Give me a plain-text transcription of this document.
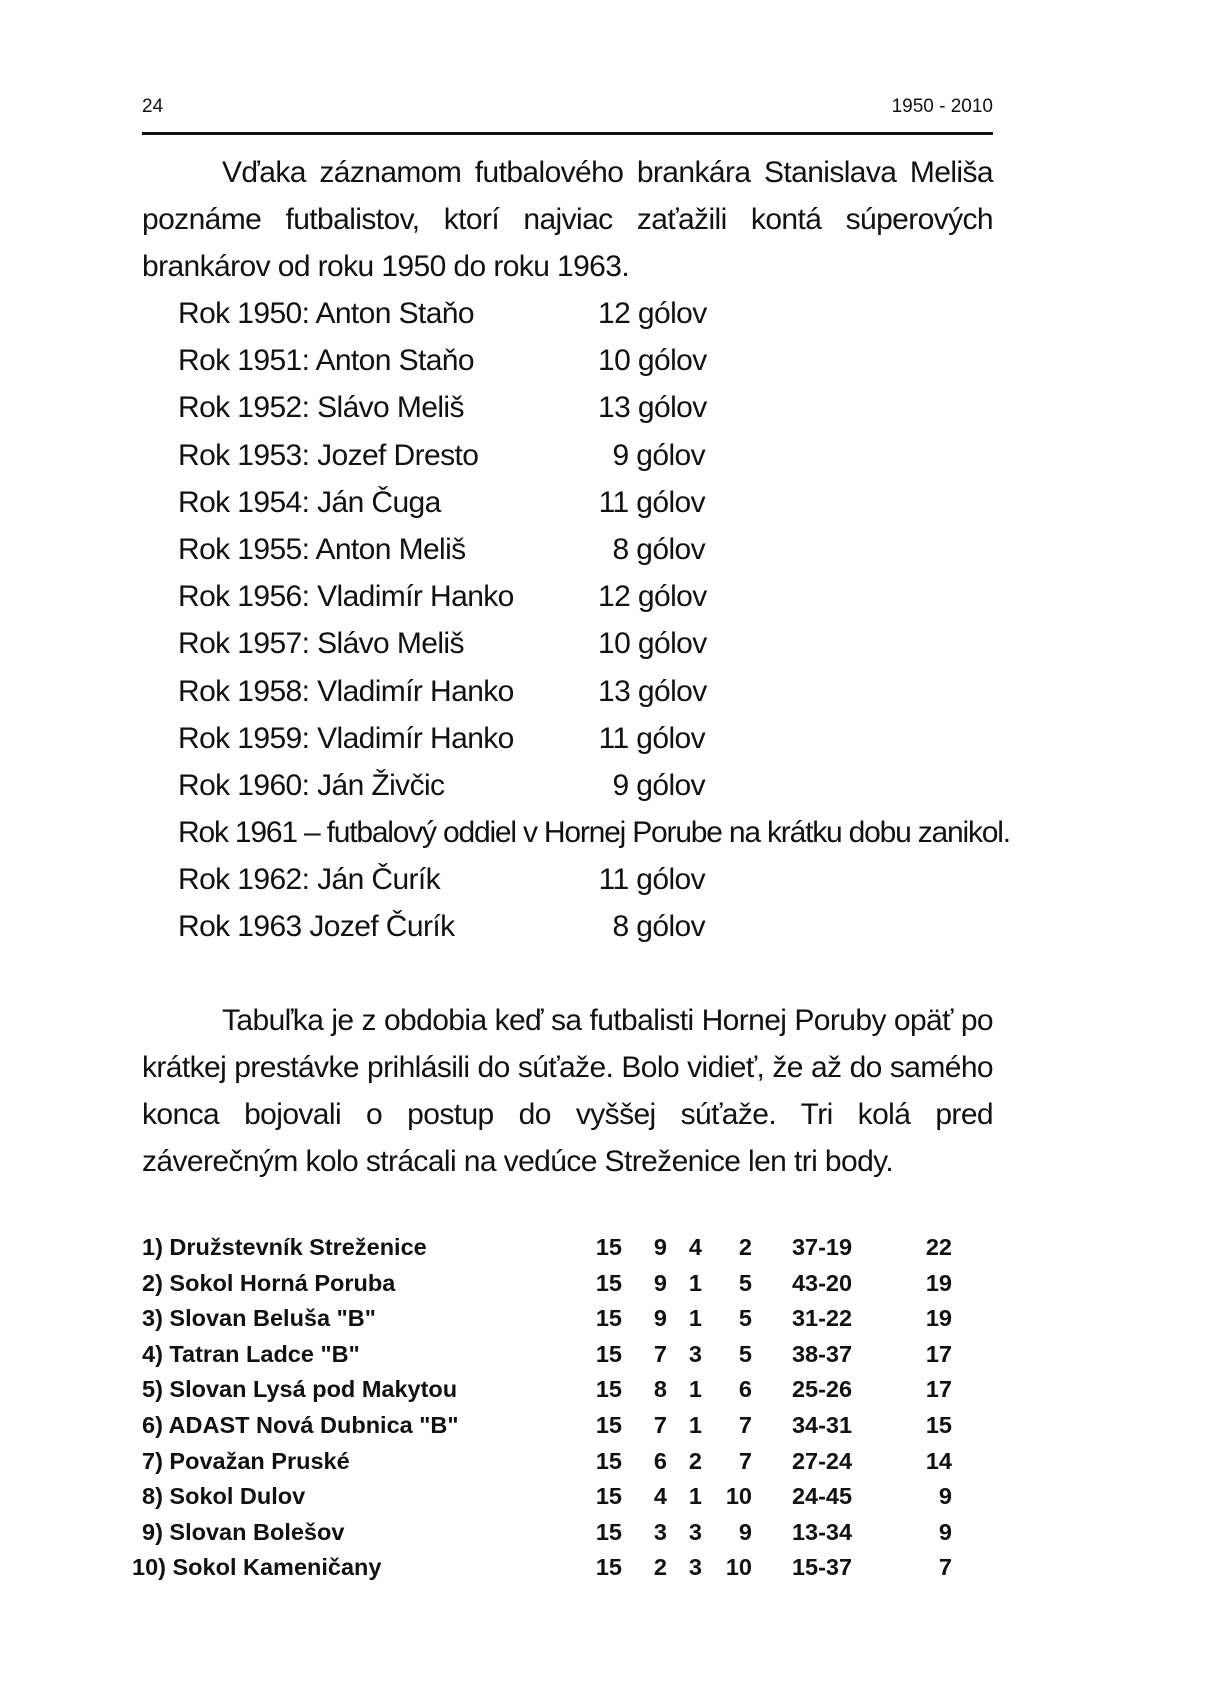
24	1950 - 2010

Vďaka záznamom futbalového brankára Stanislava Meliša poznáme futbalistov, ktorí najviac zaťažili kontá súperových brankárov od roku 1950 do roku 1963.

Rok 1950: Anton Staňo	12 gólov
Rok 1951: Anton Staňo	10 gólov
Rok 1952: Slávo Meliš	13 gólov
Rok 1953: Jozef Dresto	9 gólov
Rok 1954: Ján Čuga	11 gólov
Rok 1955: Anton Meliš	8 gólov
Rok 1956: Vladimír Hanko	12 gólov
Rok 1957: Slávo Meliš	10 gólov
Rok 1958: Vladimír Hanko	13 gólov
Rok 1959: Vladimír Hanko	11 gólov
Rok 1960: Ján Živčic	9 gólov
Rok 1961 – futbalový oddiel v Hornej Porube na krátku dobu zanikol.
Rok 1962: Ján Čurík	11 gólov
Rok 1963 Jozef Čurík	8 gólov

Tabuľka je z obdobia keď sa futbalisti Hornej Poruby opäť po krátkej prestávke prihlásili do súťaže. Bolo vidieť, že až do samého konca bojovali o postup do vyššej súťaže. Tri kolá pred záverečným kolo strácali na vedúce Streženice len tri body.

1) Družstevník Streženice	15	9 4	2	37-19	22
2) Sokol Horná Poruba	15	9 1	5	43-20	19
3) Slovan Beluša "B"	15	9 1	5	31-22	19
4) Tatran Ladce "B"	15	7 3	5	38-37	17
5) Slovan Lysá pod Makytou	15	8 1	6	25-26	17
6) ADAST Nová Dubnica "B"	15	7 1	7	34-31	15
7) Považan Pruské	15	6 2	7	27-24	14
8) Sokol Dulov	15	4 1	10	24-45	9
9) Slovan Bolešov	15	3 3	9	13-34	9
10) Sokol Kameničany	15	2 3	10	15-37	7
